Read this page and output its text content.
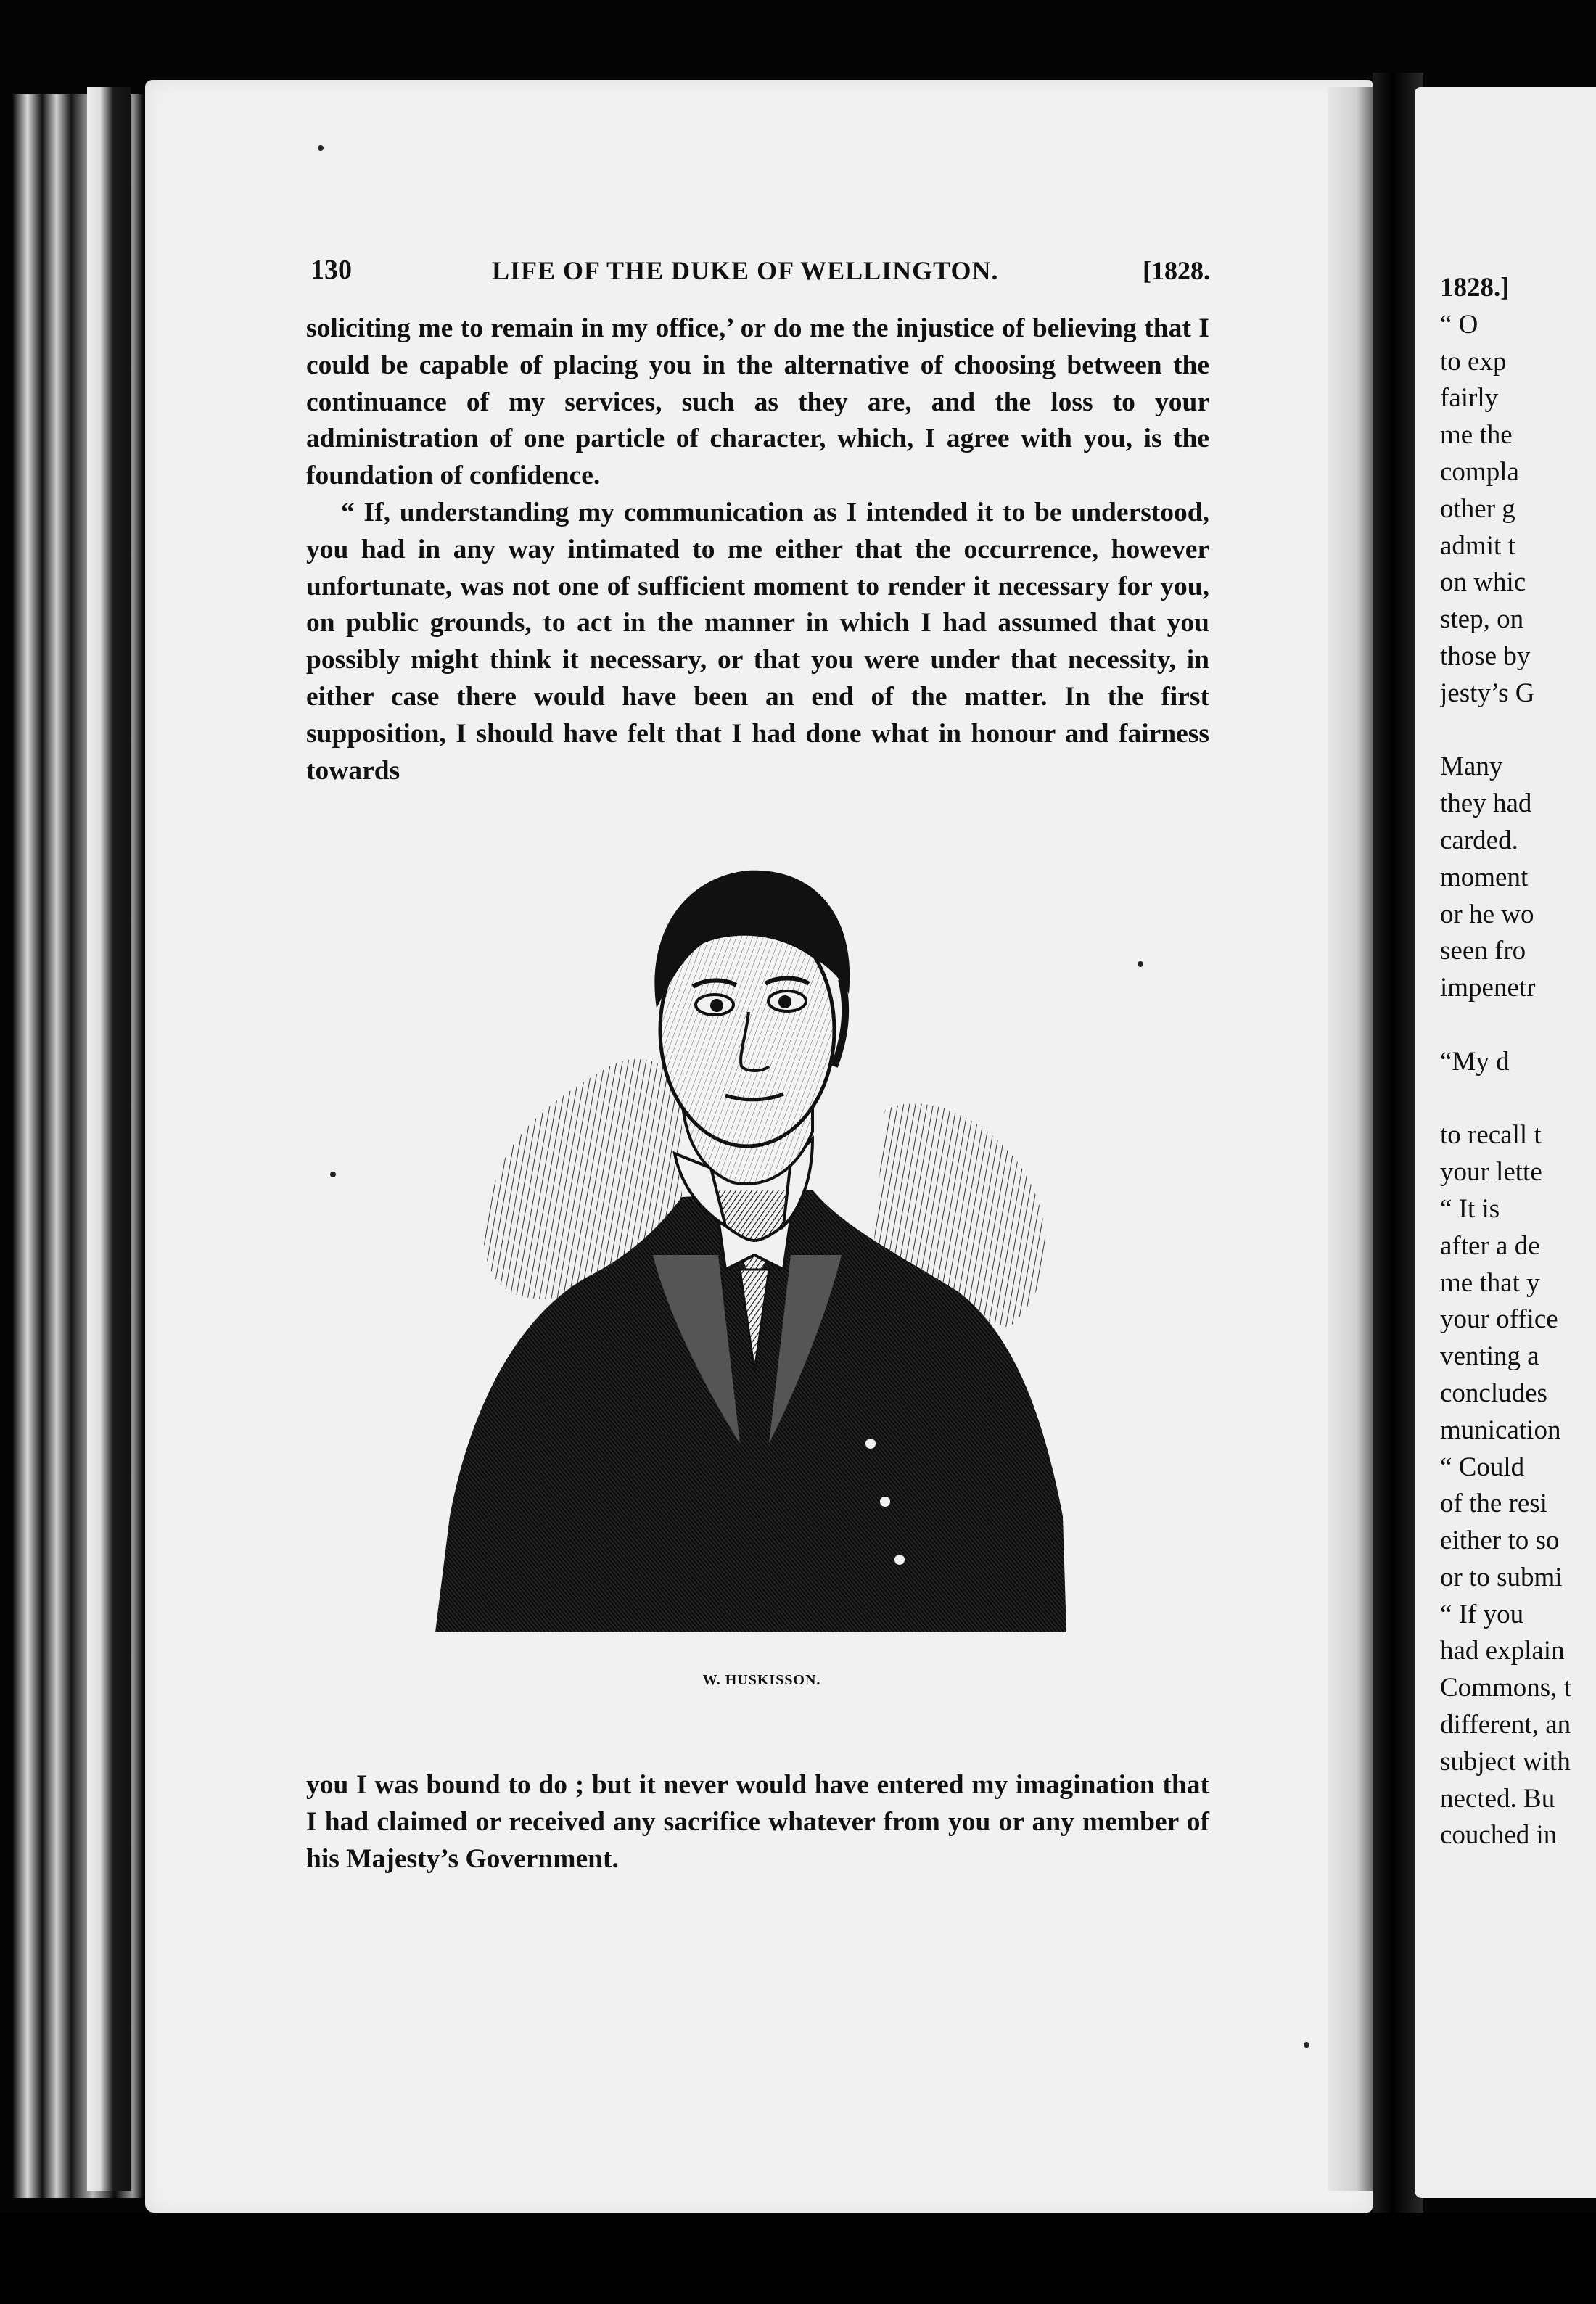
130	LIFE OF THE DUKE OF WELLINGTON.	[1828.

soliciting me to remain in my office,’ or do me the injustice of believing that I could be capable of placing you in the alternative of choosing between the continuance of my services, such as they are, and the loss to your administration of one particle of character, which, I agree with you, is the foundation of confidence.

“ If, understanding my communication as I intended it to be understood, you had in any way intimated to me either that the occurrence, however unfortunate, was not one of sufficient moment to render it necessary for you, on public grounds, to act in the manner in which I had assumed that you possibly might think it necessary, or that you were under that necessity, in either case there would have been an end of the matter. In the first supposition, I should have felt that I had done what in honour and fairness towards

W. HUSKISSON.

you I was bound to do ; but it never would have entered my imagination that I had claimed or received any sacrifice whatever from you or any member of his Majesty’s Government.

1828.]
“ O
to exp
fairly
me the
compla
other g
admit t
on whic
step, on
those by
jesty’s G
Many
they had
carded.
moment
or he wo
seen fro
impenetr
“My d
to recall t
your lette
“ It is
after a de
me that y
your office
venting a
concludes
munication
“ Could
of the resi
either to so
or to submi
“ If you
had explain
Commons, t
different, an
subject with
nected. Bu
couched in
